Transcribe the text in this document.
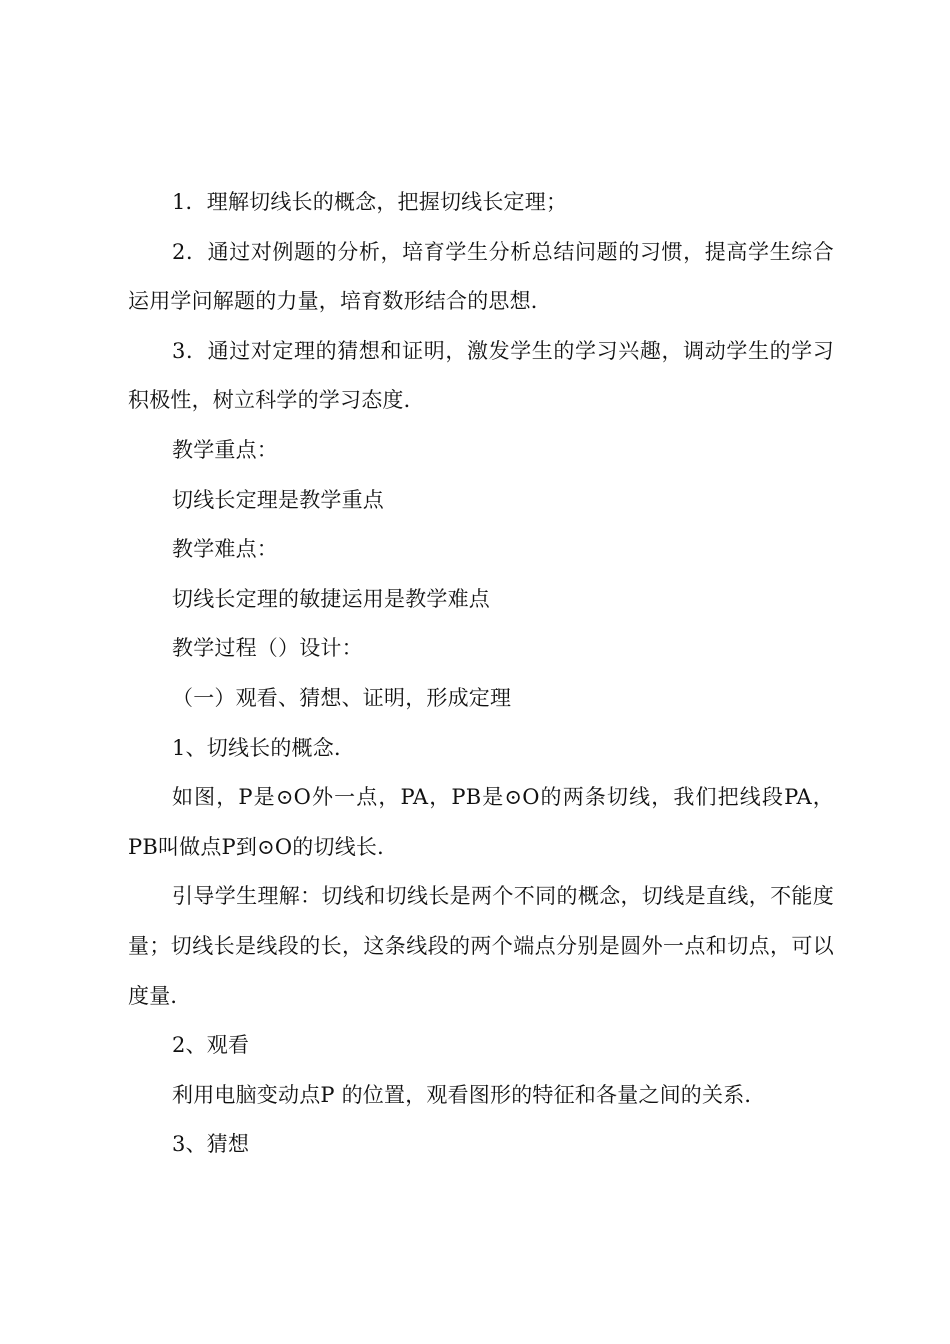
1．理解切线长的概念，把握切线长定理；

2．通过对例题的分析，培育学生分析总结问题的习惯，提高学生综合运用学问解题的力量，培育数形结合的思想．

3．通过对定理的猜想和证明，激发学生的学习兴趣，调动学生的学习积极性，树立科学的学习态度．

教学重点：

切线长定理是教学重点

教学难点：

切线长定理的敏捷运用是教学难点

教学过程（）设计：

（一）观看、猜想、证明，形成定理

1、切线长的概念．

如图，P是⊙O外一点，PA，PB是⊙O的两条切线，我们把线段PA，PB叫做点P到⊙O的切线长．

引导学生理解：切线和切线长是两个不同的概念，切线是直线，不能度量；切线长是线段的长，这条线段的两个端点分别是圆外一点和切点，可以度量．

2、观看

利用电脑变动点P 的位置，观看图形的特征和各量之间的关系．

3、猜想
